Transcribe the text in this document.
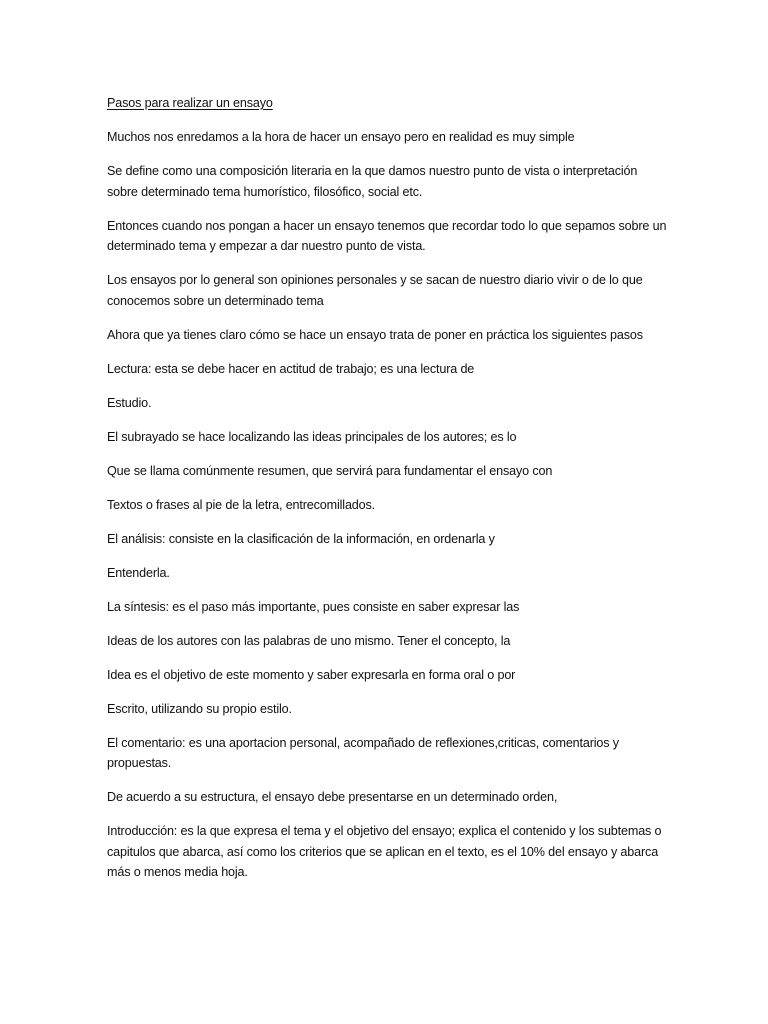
Pasos para realizar un ensayo

Muchos nos enredamos a la hora de hacer un ensayo pero en realidad es muy simple

Se define como una composición literaria en la que damos nuestro punto de vista o interpretación sobre determinado tema humorístico, filosófico, social etc.

Entonces cuando nos pongan a hacer un ensayo tenemos que recordar todo lo que sepamos sobre un determinado tema y empezar a dar nuestro punto de vista.

Los ensayos por lo general son opiniones personales y se sacan de nuestro diario vivir o de lo que conocemos sobre un determinado tema

Ahora que ya tienes claro cómo se hace un ensayo trata de poner en práctica los siguientes pasos

Lectura: esta se debe hacer en actitud de trabajo; es una lectura de

Estudio.

El subrayado se hace localizando las ideas principales de los autores; es lo

Que se llama comúnmente resumen, que servirá para fundamentar el ensayo con

Textos o frases al pie de la letra, entrecomillados.

El análisis: consiste en la clasificación de la información, en ordenarla y

Entenderla.

La síntesis: es el paso más importante, pues consiste en saber expresar las

Ideas de los autores con las palabras de uno mismo. Tener el concepto, la

Idea es el objetivo de este momento y saber expresarla en forma oral o por

Escrito, utilizando su propio estilo.

El comentario: es una aportacion personal, acompañado de reflexiones,criticas, comentarios y propuestas.

De acuerdo a su estructura, el ensayo debe presentarse en un determinado orden,

Introducción: es la que expresa el tema y el objetivo del ensayo; explica el contenido y los subtemas o capitulos que abarca, así como los criterios que se aplican en el texto, es el 10% del ensayo y abarca más o menos media hoja.
